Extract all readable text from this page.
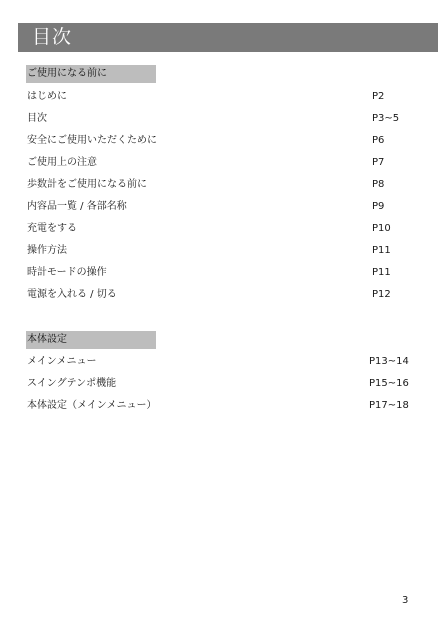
目次
ご使用になる前に
はじめに	P2
目次	P3~5
安全にご使用いただくために	P6
ご使用上の注意	P7
歩数計をご使用になる前に	P8
内容品一覧 / 各部名称	P9
充電をする	P10
操作方法	P11
時計モードの操作	P11
電源を入れる / 切る	P12
本体設定
メインメニュー	P13~14
スイングテンポ機能	P15~16
本体設定（メインメニュー）	P17~18
3
